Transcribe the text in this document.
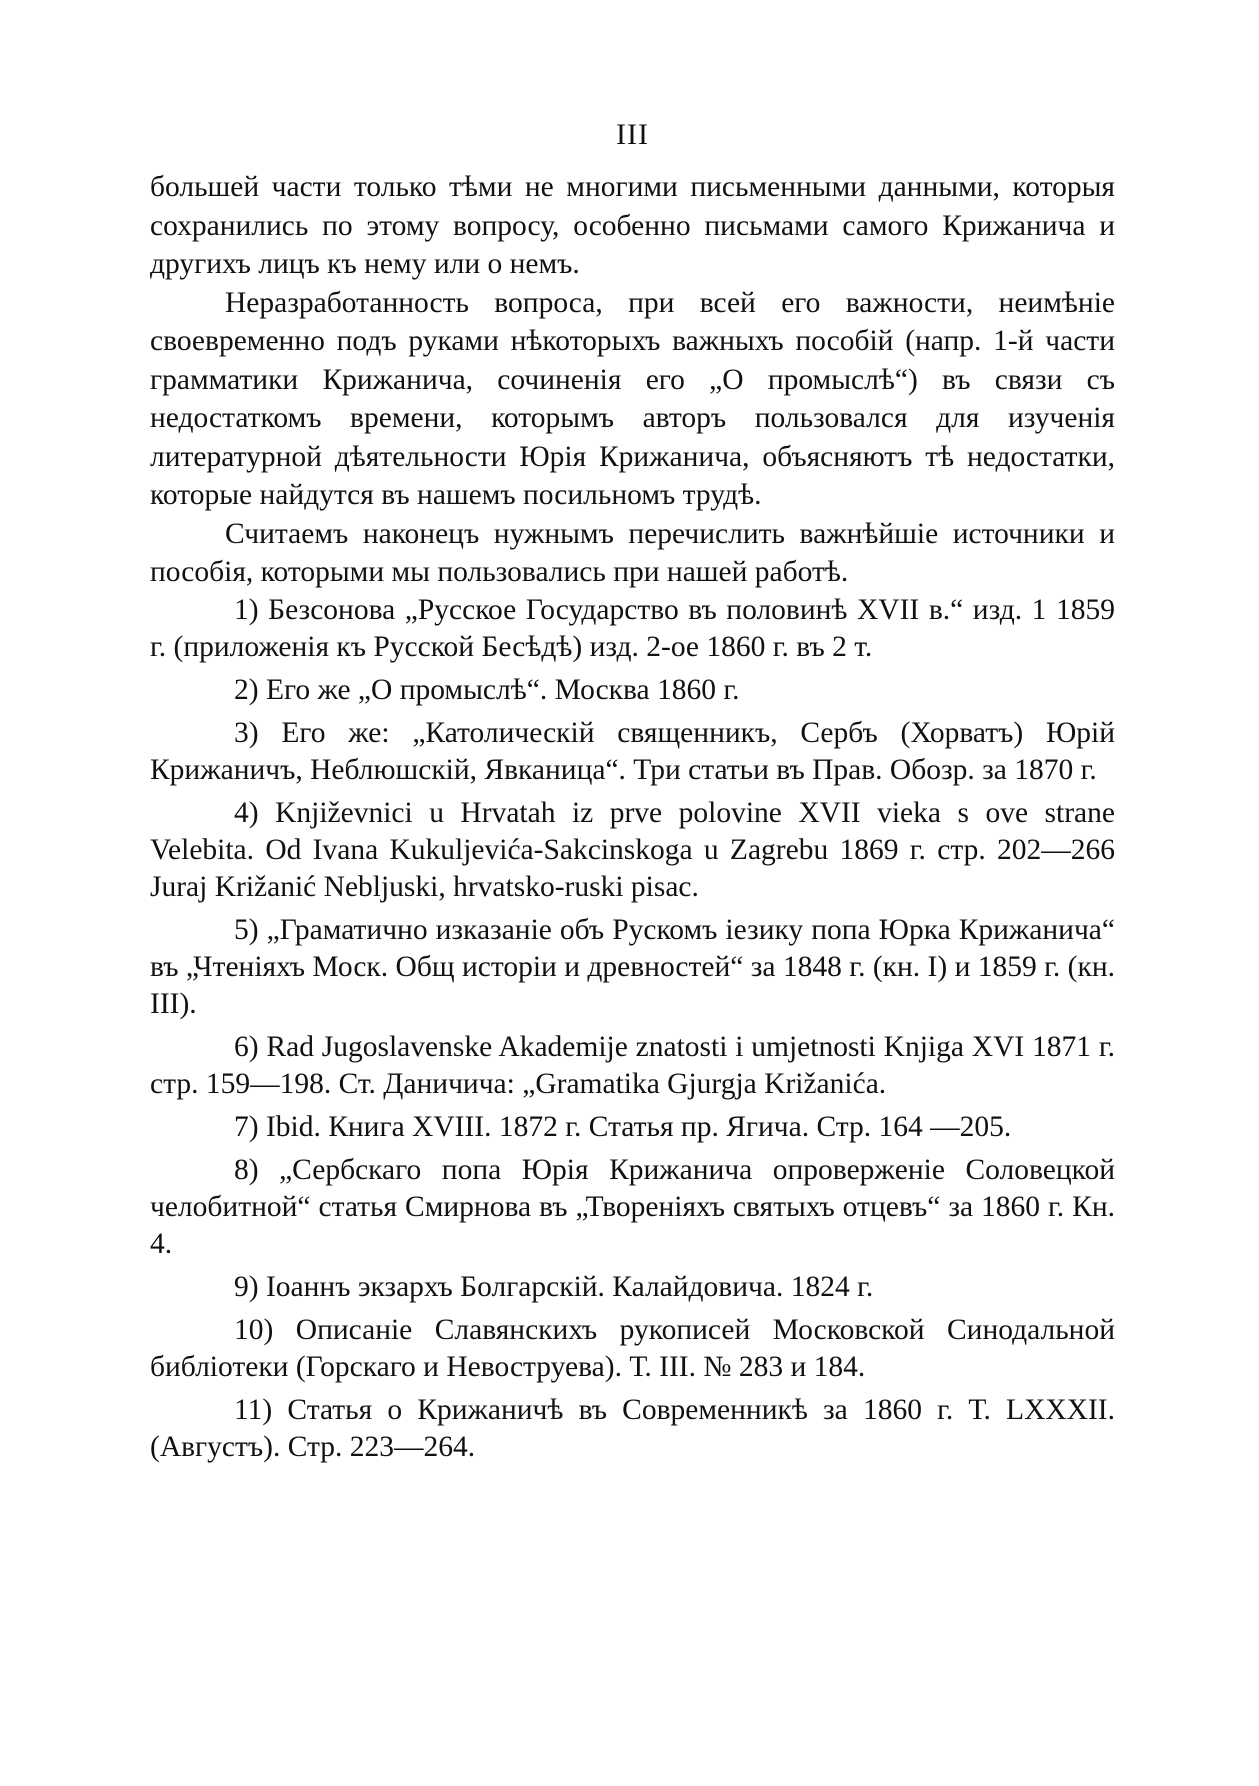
III

большей части только тѣми не многими письменными данными, которыя сохранились по этому вопросу, особенно письмами самого Крижанича и другихъ лицъ къ нему или о немъ.

Неразработанность вопроса, при всей его важности, неимѣніе своевременно подъ руками нѣкоторыхъ важныхъ пособій (напр. 1-й части грамматики Крижанича, сочиненія его „О промыслѣ“) въ связи съ недостаткомъ времени, которымъ авторъ пользовался для изученія литературной дѣятельности Юрія Крижанича, объясняютъ тѣ недостатки, которые найдутся въ нашемъ посильномъ трудѣ.

Считаемъ наконецъ нужнымъ перечислить важнѣйшіе источники и пособія, которыми мы пользовались при нашей работѣ.

1) Безсонова „Русское Государство въ половинѣ XVII в.“ изд. 1 1859 г. (приложенія къ Русской Бесѣдѣ) изд. 2-ое 1860 г. въ 2 т.

2) Его же „О промыслѣ“. Москва 1860 г.

3) Его же: „Католическій священникъ, Сербъ (Хорватъ) Юрій Крижаничъ, Неблюшскій, Явканица“. Три статьи въ Прав. Обозр. за 1870 г.

4) Književnici u Hrvatah iz prve polovine XVII vieka s ove strane Velebita. Od Ivana Kukuljevića-Sakcinskoga u Zagrebu 1869 г. стр. 202—266 Juraj Križanić Nebljuski, hrvatsko-ruski pisac.

5) „Граматично изказаніе объ Рускомъ іезику попа Юрка Крижанича“ въ „Чтеніяхъ Моск. Общ исторіи и древностей“ за 1848 г. (кн. I) и 1859 г. (кн. III).

6) Rad Jugoslavenske Akademije znatosti i umjetnosti Knjiga XVI 1871 г. стр. 159—198. Ст. Даничича: „Gramatika Gjurgja Križanića.

7) Ibid. Книга XVIII. 1872 г. Статья пр. Ягича. Стр. 164 —205.

8) „Сербскаго попа Юрія Крижанича опровержeніе Соловецкой челобитной“ статья Смирнова въ „Твореніяхъ святыхъ отцевъ“ за 1860 г. Кн. 4.

9) Іоаннъ экзархъ Болгарскій. Калайдовича. 1824 г.

10) Описаніе Славянскихъ рукописей Московской Синодальной библіотеки (Горскаго и Невоструева). Т. III. № 283 и 184.

11) Статья о Крижаничѣ въ Современникѣ за 1860 г. Т. LXXXII. (Августъ). Стр. 223—264.
